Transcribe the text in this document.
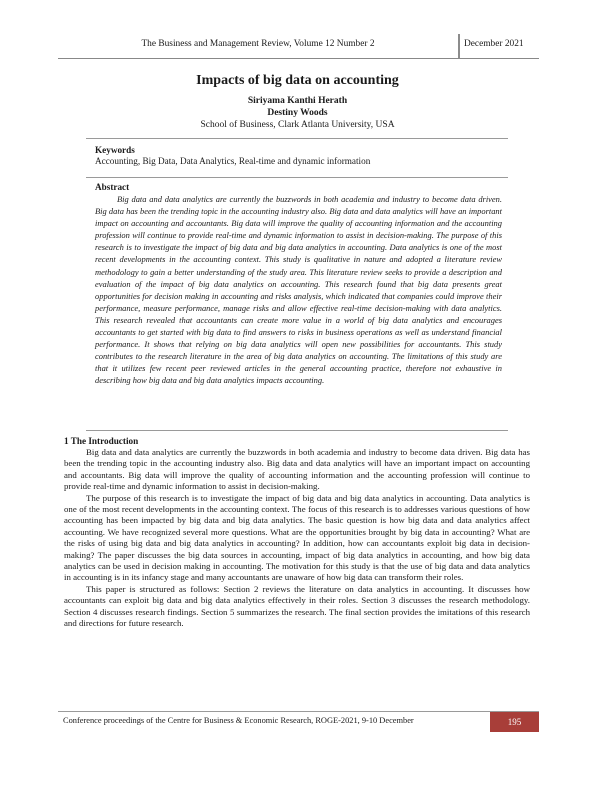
The Business and Management Review, Volume 12 Number 2	December 2021
Impacts of big data on accounting
Siriyama Kanthi Herath
Destiny Woods
School of Business, Clark Atlanta University, USA
Keywords
Accounting, Big Data, Data Analytics, Real-time and dynamic information
Abstract

Big data and data analytics are currently the buzzwords in both academia and industry to become data driven. Big data has been the trending topic in the accounting industry also. Big data and data analytics will have an important impact on accounting and accountants. Big data will improve the quality of accounting information and the accounting profession will continue to provide real-time and dynamic information to assist in decision-making. The purpose of this research is to investigate the impact of big data and big data analytics in accounting. Data analytics is one of the most recent developments in the accounting context. This study is qualitative in nature and adopted a literature review methodology to gain a better understanding of the study area. This literature review seeks to provide a description and evaluation of the impact of big data analytics on accounting. This research found that big data presents great opportunities for decision making in accounting and risks analysis, which indicated that companies could improve their performance, measure performance, manage risks and allow effective real-time decision-making with data analytics. This research revealed that accountants can create more value in a world of big data analytics and encourages accountants to get started with big data to find answers to risks in business operations as well as understand financial performance. It shows that relying on big data analytics will open new possibilities for accountants. This study contributes to the research literature in the area of big data analytics on accounting. The limitations of this study are that it utilizes few recent peer reviewed articles in the general accounting practice, therefore not exhaustive in describing how big data and big data analytics impacts accounting.

1 The Introduction

Big data and data analytics are currently the buzzwords in both academia and industry to become data driven. Big data has been the trending topic in the accounting industry also. Big data and data analytics will have an important impact on accounting and accountants. Big data will improve the quality of accounting information and the accounting profession will continue to provide real-time and dynamic information to assist in decision-making.

The purpose of this research is to investigate the impact of big data and big data analytics in accounting. Data analytics is one of the most recent developments in the accounting context. The focus of this research is to addresses various questions of how accounting has been impacted by big data and big data analytics. The basic question is how big data and data analytics affect accounting. We have recognized several more questions. What are the opportunities brought by big data in accounting? What are the risks of using big data and big data analytics in accounting? In addition, how can accountants exploit big data in decision-making? The paper discusses the big data sources in accounting, impact of big data analytics in accounting, and how big data analytics can be used in decision making in accounting. The motivation for this study is that the use of big data and data analytics in accounting is in its infancy stage and many accountants are unaware of how big data can transform their roles.

This paper is structured as follows: Section 2 reviews the literature on data analytics in accounting. It discusses how accountants can exploit big data and big data analytics effectively in their roles. Section 3 discusses the research methodology. Section 4 discusses research findings. Section 5 summarizes the research. The final section provides the imitations of this research and directions for future research.

Conference proceedings of the Centre for Business & Economic Research, ROGE-2021, 9-10 December	195
